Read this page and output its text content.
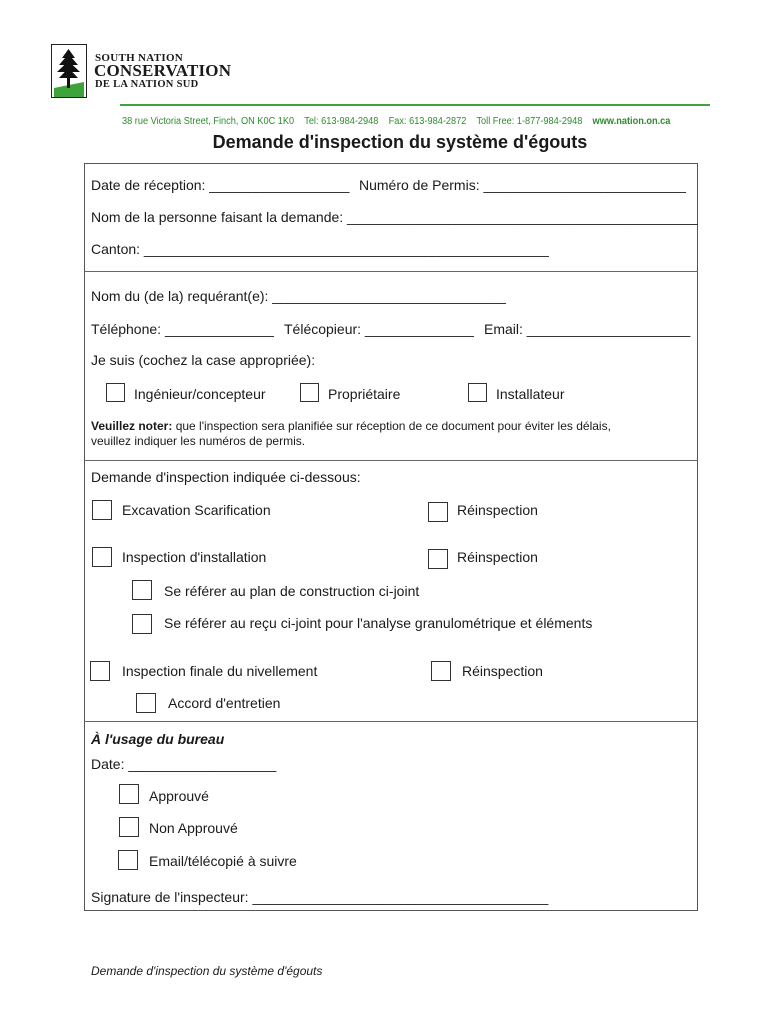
SOUTH NATION
CONSERVATION
DE LA NATION SUD
38 rue Victoria Street, Finch, ON K0C 1K0 Tel: 613-984-2948 Fax: 613-984-2872 Toll Free: 1-877-984-2948 www.nation.on.ca
Demande d'inspection du système d'égouts
Date de réception: __________________ Numéro de Permis: __________________________
Nom de la personne faisant la demande: _____________________________________________
Canton: ____________________________________________________
Nom du (de la) requérant(e): ______________________________
Téléphone: ______________ Télécopieur: ______________ Email: _____________________
Je suis (cochez la case appropriée):
Ingénieur/concepteur	Propriétaire	Installateur
Veuillez noter: que l'inspection sera planifiée sur réception de ce document pour éviter les délais,
veuillez indiquer les numéros de permis.
Demande d'inspection indiquée ci-dessous:
Excavation Scarification	Réinspection
Inspection d'installation	Réinspection
Se référer au plan de construction ci-joint
Se référer au reçu ci-joint pour l'analyse granulométrique et éléments
Inspection finale du nivellement	Réinspection
Accord d'entretien
À l'usage du bureau
Date: ___________________
Approuvé
Non Approuvé
Email/télécopié à suivre
Signature de l'inspecteur: ______________________________________
Demande d'inspection du système d'égouts
